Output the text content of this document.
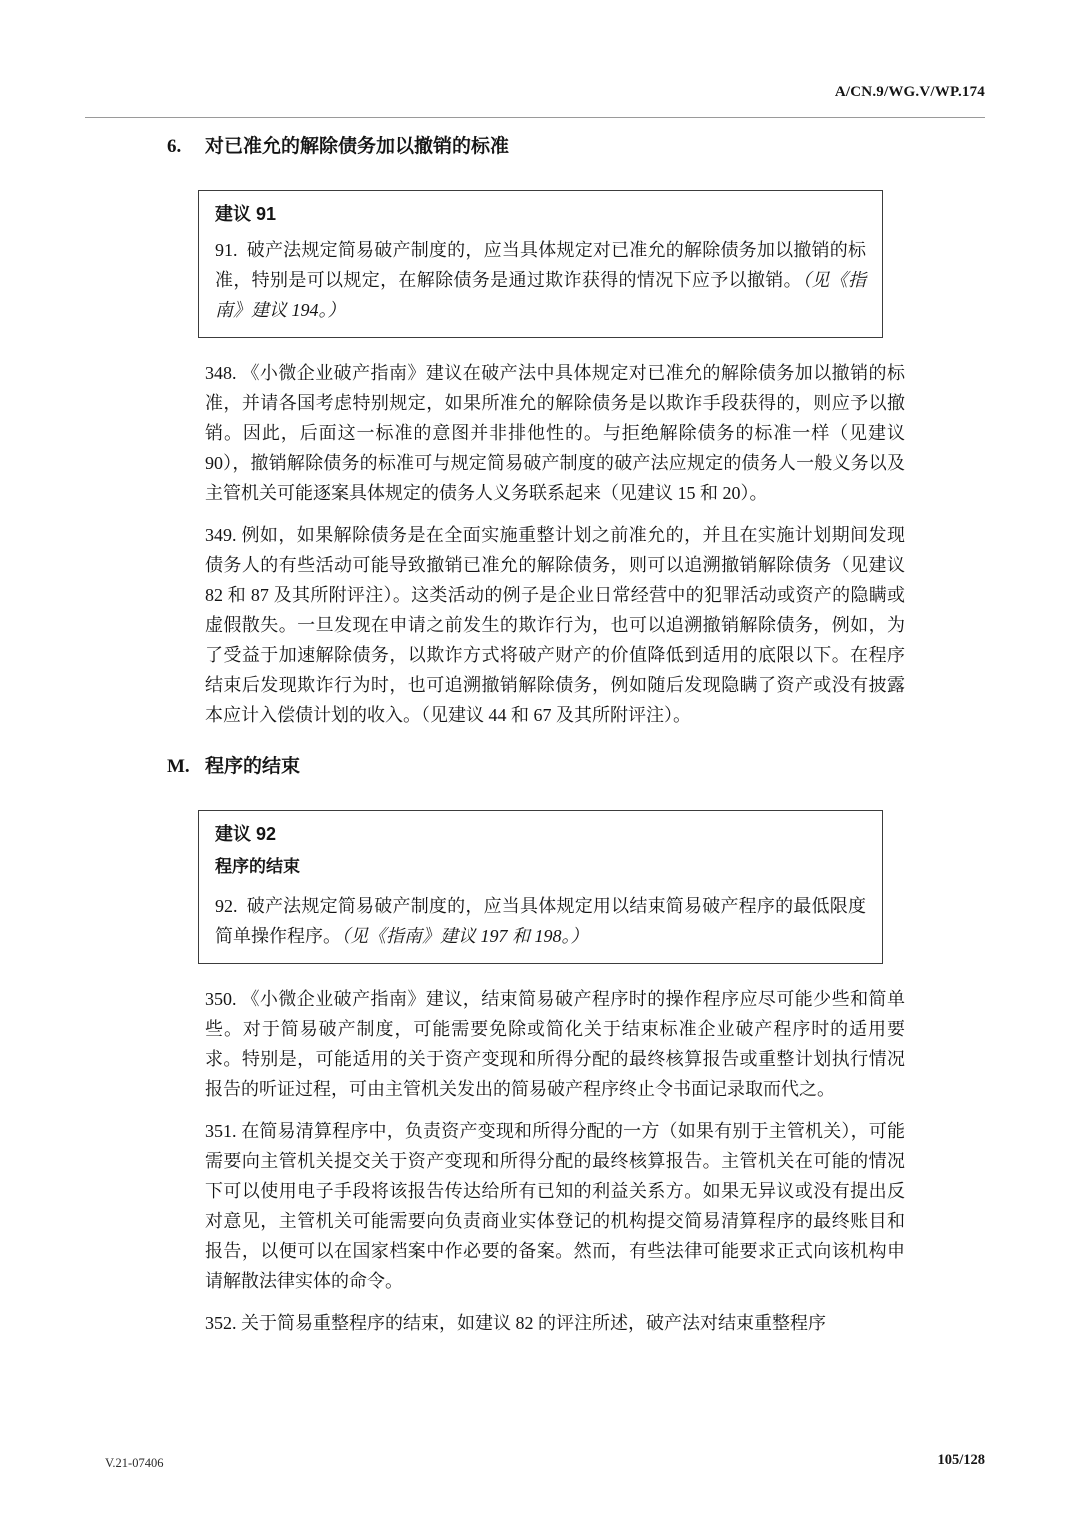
A/CN.9/WG.V/WP.174
6. 对已准允的解除债务加以撤销的标准
建议 91

91. 破产法规定简易破产制度的，应当具体规定对已准允的解除债务加以撤销的标准，特别是可以规定，在解除债务是通过欺诈获得的情况下应予以撤销。（见《指南》建议 194。）

348. 《小微企业破产指南》建议在破产法中具体规定对已准允的解除债务加以撤销的标准，并请各国考虑特别规定，如果所准允的解除债务是以欺诈手段获得的，则应予以撤销。因此，后面这一标准的意图并非排他性的。与拒绝解除债务的标准一样（见建议 90），撤销解除债务的标准可与规定简易破产制度的破产法应规定的债务人一般义务以及主管机关可能逐案具体规定的债务人义务联系起来（见建议 15 和 20）。

349. 例如，如果解除债务是在全面实施重整计划之前准允的，并且在实施计划期间发现债务人的有些活动可能导致撤销已准允的解除债务，则可以追溯撤销解除债务（见建议 82 和 87 及其所附评注）。这类活动的例子是企业日常经营中的犯罪活动或资产的隐瞒或虚假散失。一旦发现在申请之前发生的欺诈行为，也可以追溯撤销解除债务，例如，为了受益于加速解除债务，以欺诈方式将破产财产的价值降低到适用的底限以下。在程序结束后发现欺诈行为时，也可追溯撤销解除债务，例如随后发现隐瞒了资产或没有披露本应计入偿债计划的收入。（见建议 44 和 67 及其所附评注）。

M. 程序的结束
建议 92
程序的结束

92. 破产法规定简易破产制度的，应当具体规定用以结束简易破产程序的最低限度简单操作程序。（见《指南》建议 197 和 198。）

350. 《小微企业破产指南》建议，结束简易破产程序时的操作程序应尽可能少些和简单些。对于简易破产制度，可能需要免除或简化关于结束标准企业破产程序时的适用要求。特别是，可能适用的关于资产变现和所得分配的最终核算报告或重整计划执行情况报告的听证过程，可由主管机关发出的简易破产程序终止令书面记录取而代之。

351. 在简易清算程序中，负责资产变现和所得分配的一方（如果有别于主管机关），可能需要向主管机关提交关于资产变现和所得分配的最终核算报告。主管机关在可能的情况下可以使用电子手段将该报告传达给所有已知的利益关系方。如果无异议或没有提出反对意见，主管机关可能需要向负责商业实体登记的机构提交简易清算程序的最终账目和报告，以便可以在国家档案中作必要的备案。然而，有些法律可能要求正式向该机构申请解散法律实体的命令。

352. 关于简易重整程序的结束，如建议 82 的评注所述，破产法对结束重整程序

V.21-07406	105/128
